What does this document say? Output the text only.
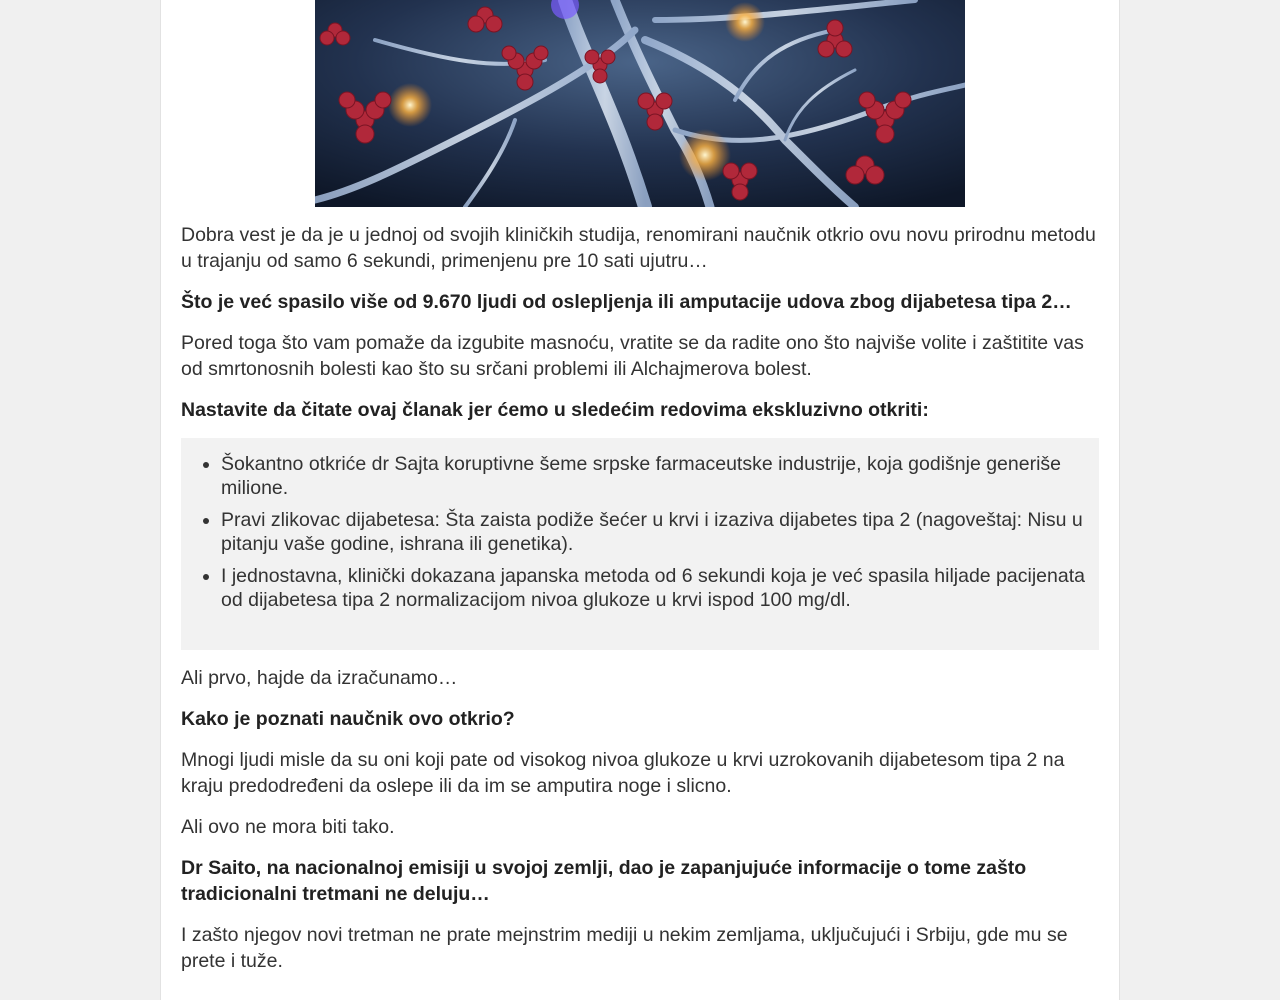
Dobra vest je da je u jednoj od svojih kliničkih studija, renomirani naučnik otkrio ovu novu prirodnu metodu u trajanju od samo 6 sekundi, primenjenu pre 10 sati ujutru…

Što je već spasilo više od 9.670 ljudi od oslepljenja ili amputacije udova zbog dijabetesa tipa 2…

Pored toga što vam pomaže da izgubite masnoću, vratite se da radite ono što najviše volite i zaštitite vas od smrtonosnih bolesti kao što su srčani problemi ili Alchajmerova bolest.

Nastavite da čitate ovaj članak jer ćemo u sledećim redovima ekskluzivno otkriti:

Šokantno otkriće dr Sajta koruptivne šeme srpske farmaceutske industrije, koja godišnje generiše milione.
Pravi zlikovac dijabetesa: Šta zaista podiže šećer u krvi i izaziva dijabetes tipa 2 (nagoveštaj: Nisu u pitanju vaše godine, ishrana ili genetika).
I jednostavna, klinički dokazana japanska metoda od 6 sekundi koja je već spasila hiljade pacijenata od dijabetesa tipa 2 normalizacijom nivoa glukoze u krvi ispod 100 mg/dl.

Ali prvo, hajde da izračunamo…

Kako je poznati naučnik ovo otkrio?

Mnogi ljudi misle da su oni koji pate od visokog nivoa glukoze u krvi uzrokovanih dijabetesom tipa 2 na kraju predodređeni da oslepe ili da im se amputira noge i slicno.

Ali ovo ne mora biti tako.

Dr Saito, na nacionalnoj emisiji u svojoj zemlji, dao je zapanjujuće informacije o tome zašto tradicionalni tretmani ne deluju…

I zašto njegov novi tretman ne prate mejnstrim mediji u nekim zemljama, uključujući i Srbiju, gde mu se prete i tuže.
